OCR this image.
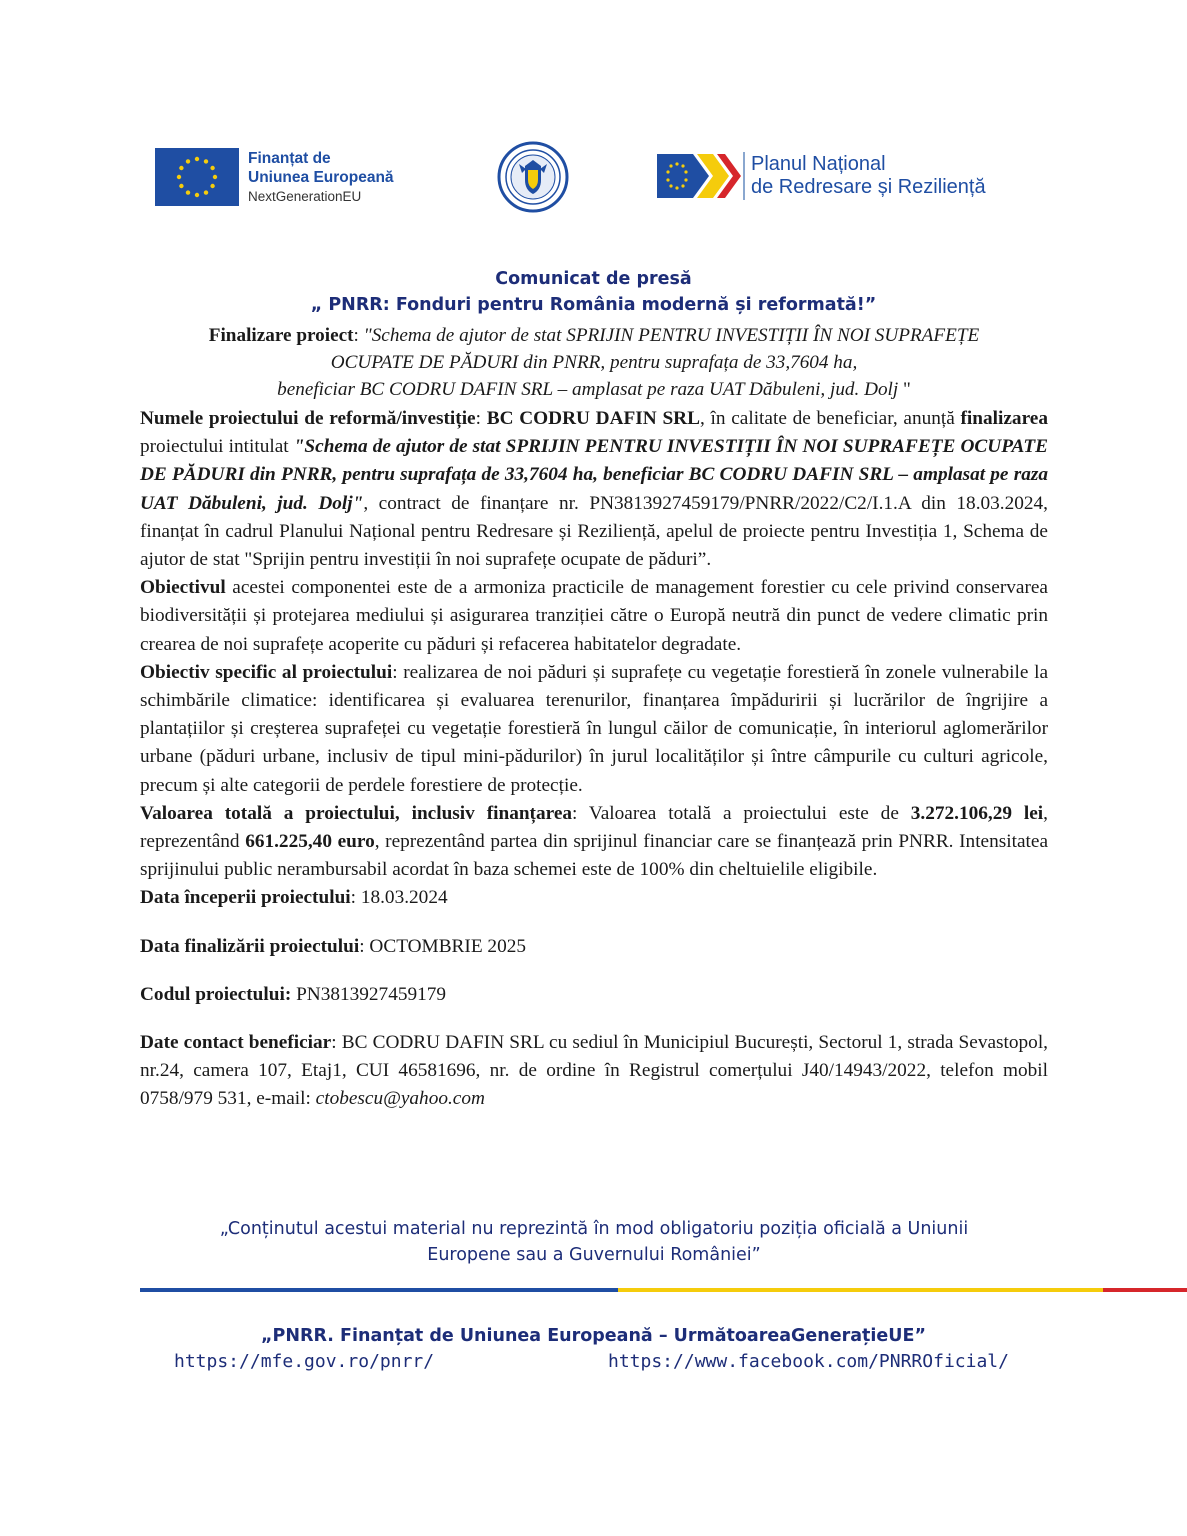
Finanțat de
Uniunea Europeană
NextGenerationEU
Planul Național
de Redresare și Reziliență
Comunicat de presă
„ PNRR: Fonduri pentru România modernă și reformată!”
Finalizare proiect: "Schema de ajutor de stat SPRIJIN PENTRU INVESTIȚII ÎN NOI SUPRAFEȚE
OCUPATE DE PĂDURI din PNRR, pentru suprafața de 33,7604 ha,
beneficiar BC CODRU DAFIN SRL – amplasat pe raza UAT Dăbuleni, jud. Dolj "

Numele proiectului de reformă/investiție: BC CODRU DAFIN SRL, în calitate de beneficiar, anunță finalizarea proiectului intitulat "Schema de ajutor de stat SPRIJIN PENTRU INVESTIȚII ÎN NOI SUPRAFEȚE OCUPATE DE PĂDURI din PNRR, pentru suprafața de 33,7604 ha, beneficiar BC CODRU DAFIN SRL – amplasat pe raza UAT Dăbuleni, jud. Dolj", contract de finanțare nr. PN3813927459179/PNRR/2022/C2/I.1.A din 18.03.2024, finanțat în cadrul Planului Național pentru Redresare și Reziliență, apelul de proiecte pentru Investiția 1, Schema de ajutor de stat "Sprijin pentru investiții în noi suprafețe ocupate de păduri”.

Obiectivul acestei componentei este de a armoniza practicile de management forestier cu cele privind conservarea biodiversității și protejarea mediului și asigurarea tranziției către o Europă neutră din punct de vedere climatic prin crearea de noi suprafețe acoperite cu păduri și refacerea habitatelor degradate.

Obiectiv specific al proiectului: realizarea de noi păduri și suprafețe cu vegetație forestieră în zonele vulnerabile la schimbările climatice: identificarea și evaluarea terenurilor, finanțarea împăduririi și lucrărilor de îngrijire a plantațiilor și creșterea suprafeței cu vegetație forestieră în lungul căilor de comunicație, în interiorul aglomerărilor urbane (păduri urbane, inclusiv de tipul mini-pădurilor) în jurul localităților și între câmpurile cu culturi agricole, precum și alte categorii de perdele forestiere de protecție.

Valoarea totală a proiectului, inclusiv finanțarea: Valoarea totală a proiectului este de 3.272.106,29 lei, reprezentând 661.225,40 euro, reprezentând partea din sprijinul financiar care se finanțează prin PNRR. Intensitatea sprijinului public nerambursabil acordat în baza schemei este de 100% din cheltuielile eligibile.

Data începerii proiectului: 18.03.2024

Data finalizării proiectului: OCTOMBRIE 2025

Codul proiectului: PN3813927459179

Date contact beneficiar: BC CODRU DAFIN SRL cu sediul în Municipiul București, Sectorul 1, strada Sevastopol, nr.24, camera 107, Etaj1, CUI 46581696, nr. de ordine în Registrul comerțului J40/14943/2022, telefon mobil 0758/979 531, e-mail: ctobescu@yahoo.com

„Conținutul acestui material nu reprezintă în mod obligatoriu poziția oficială a Uniunii
Europene sau a Guvernului României”
„PNRR. Finanțat de Uniunea Europeană – UrmătoareaGenerațieUE”
https://mfe.gov.ro/pnrr/	https://www.facebook.com/PNRROficial/
